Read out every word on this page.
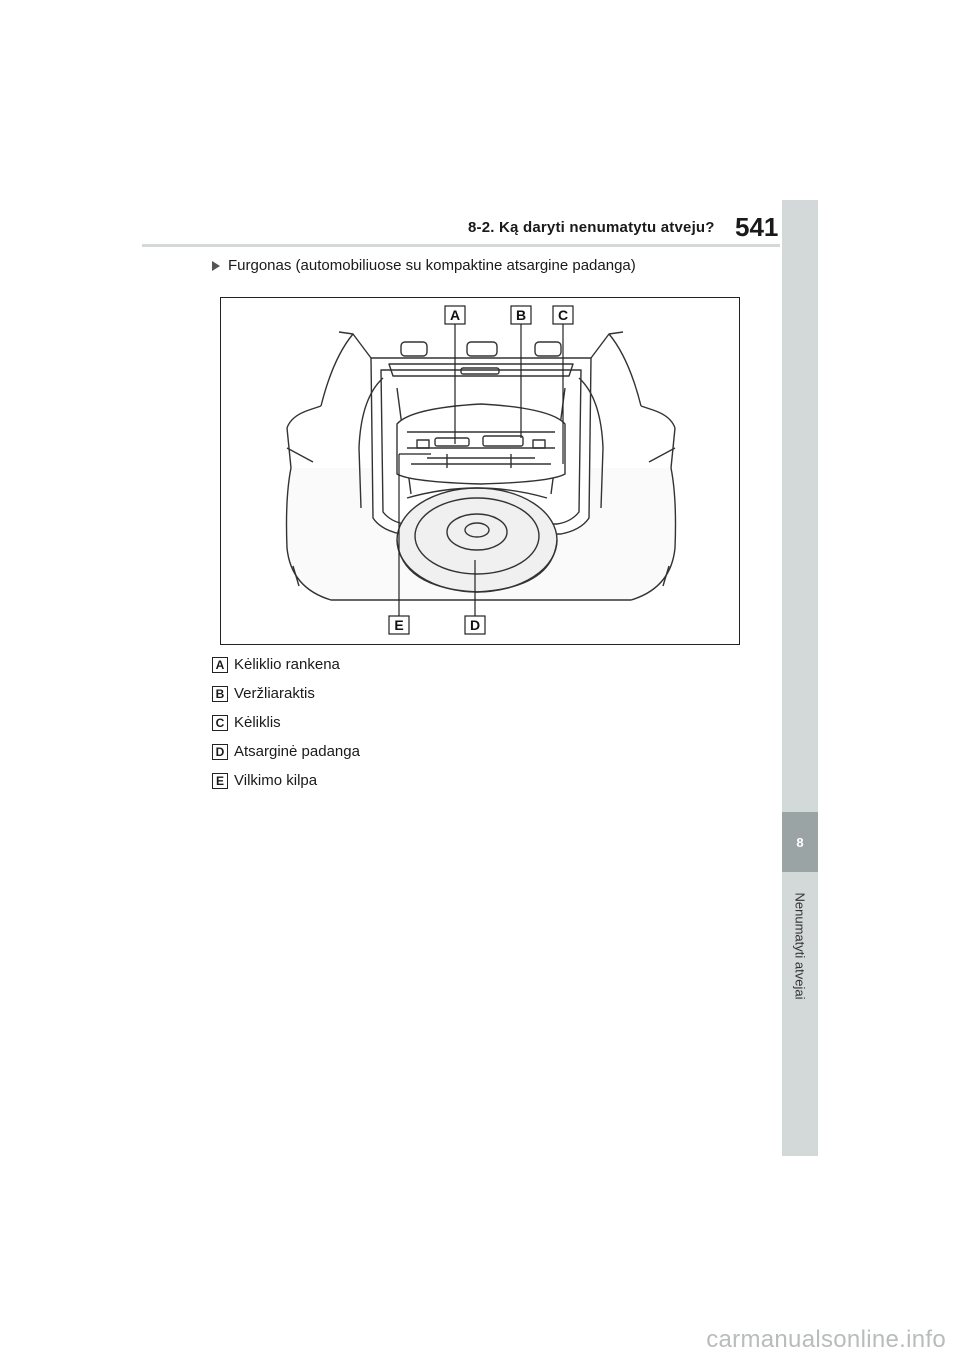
8-2. Ką daryti nenumatytu atveju? 541
8
Nenumatyti atvejai
Furgonas (automobiliuose su kompaktine atsargine padanga)
A	B C
E	D
A Kėliklio rankena
B Veržliaraktis
C Kėliklis
D Atsarginė padanga
E Vilkimo kilpa
carmanualsonline.info
